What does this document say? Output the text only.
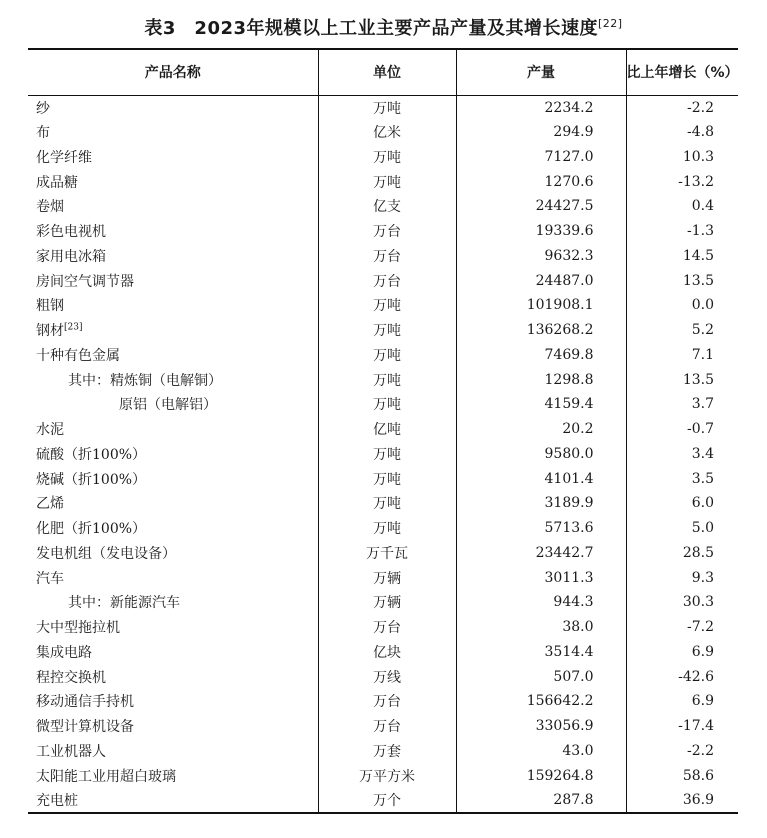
表3　2023年规模以上工业主要产品产量及其增长速度[22]
产品名称	单位	产量	比上年增长（%）
纱	万吨	2234.2	-2.2
布	亿米	294.9	-4.8
化学纤维	万吨	7127.0	10.3
成品糖	万吨	1270.6	-13.2
卷烟	亿支	24427.5	0.4
彩色电视机	万台	19339.6	-1.3
家用电冰箱	万台	9632.3	14.5
房间空气调节器	万台	24487.0	13.5
粗钢	万吨	101908.1	0.0
钢材[23]	万吨	136268.2	5.2
十种有色金属	万吨	7469.8	7.1
其中：精炼铜（电解铜）	万吨	1298.8	13.5
原铝（电解铝）	万吨	4159.4	3.7
水泥	亿吨	20.2	-0.7
硫酸（折100%）	万吨	9580.0	3.4
烧碱（折100%）	万吨	4101.4	3.5
乙烯	万吨	3189.9	6.0
化肥（折100%）	万吨	5713.6	5.0
发电机组（发电设备）	万千瓦	23442.7	28.5
汽车	万辆	3011.3	9.3
其中：新能源汽车	万辆	944.3	30.3
大中型拖拉机	万台	38.0	-7.2
集成电路	亿块	3514.4	6.9
程控交换机	万线	507.0	-42.6
移动通信手持机	万台	156642.2	6.9
微型计算机设备	万台	33056.9	-17.4
工业机器人	万套	43.0	-2.2
太阳能工业用超白玻璃	万平方米	159264.8	58.6
充电桩	万个	287.8	36.9
